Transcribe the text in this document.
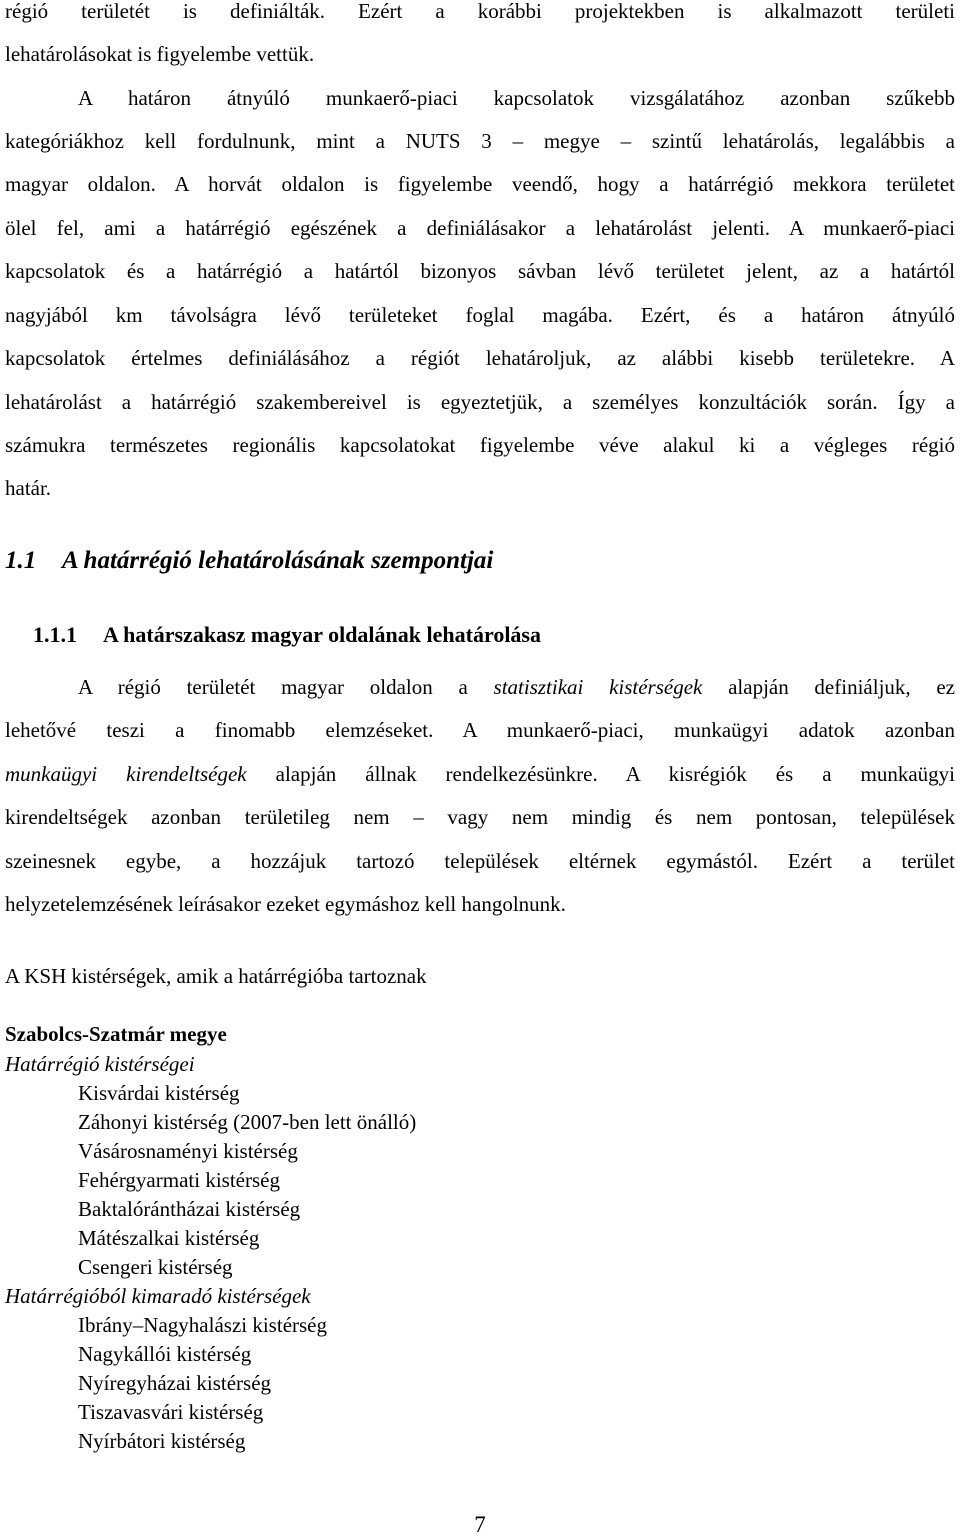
régió területét is definiálták. Ezért a korábbi projektekben is alkalmazott területi
lehatárolásokat is figyelembe vettük.
A határon átnyúló munkaerő-piaci kapcsolatok vizsgálatához azonban szűkebb
kategóriákhoz kell fordulnunk, mint a NUTS 3 – megye – szintű lehatárolás, legalábbis a
magyar oldalon. A horvát oldalon is figyelembe veendő, hogy a határrégió mekkora területet
ölel fel, ami a határrégió egészének a definiálásakor a lehatárolást jelenti. A munkaerő-piaci
kapcsolatok és a határrégió a határtól bizonyos sávban lévő területet jelent, az a határtól
nagyjából km távolságra lévő területeket foglal magába. Ezért, és a határon átnyúló
kapcsolatok értelmes definiálásához a régiót lehatároljuk, az alábbi kisebb területekre. A
lehatárolást a határrégió szakembereivel is egyeztetjük, a személyes konzultációk során. Így a
számukra természetes regionális kapcsolatokat figyelembe véve alakul ki a végleges régió
határ.
1.1 A határrégió lehatárolásának szempontjai
1.1.1 A határszakasz magyar oldalának lehatárolása
A régió területét magyar oldalon a statisztikai kistérségek alapján definiáljuk, ez
lehetővé teszi a finomabb elemzéseket. A munkaerő-piaci, munkaügyi adatok azonban
munkaügyi kirendeltségek alapján állnak rendelkezésünkre. A kisrégiók és a munkaügyi
kirendeltségek azonban területileg nem – vagy nem mindig és nem pontosan, települések
szeinesnek egybe, a hozzájuk tartozó települések eltérnek egymástól. Ezért a terület
helyzetelemzésének leírásakor ezeket egymáshoz kell hangolnunk.
A KSH kistérségek, amik a határrégióba tartoznak
Szabolcs-Szatmár megye
Határrégió kistérségei
Kisvárdai kistérség
Záhonyi kistérség (2007-ben lett önálló)
Vásárosnaményi kistérség
Fehérgyarmati kistérség
Baktalórántházai kistérség
Mátészalkai kistérség
Csengeri kistérség
Határrégióból kimaradó kistérségek
Ibrány–Nagyhalászi kistérség
Nagykállói kistérség
Nyíregyházai kistérség
Tiszavasvári kistérség
Nyírbátori kistérség
7
